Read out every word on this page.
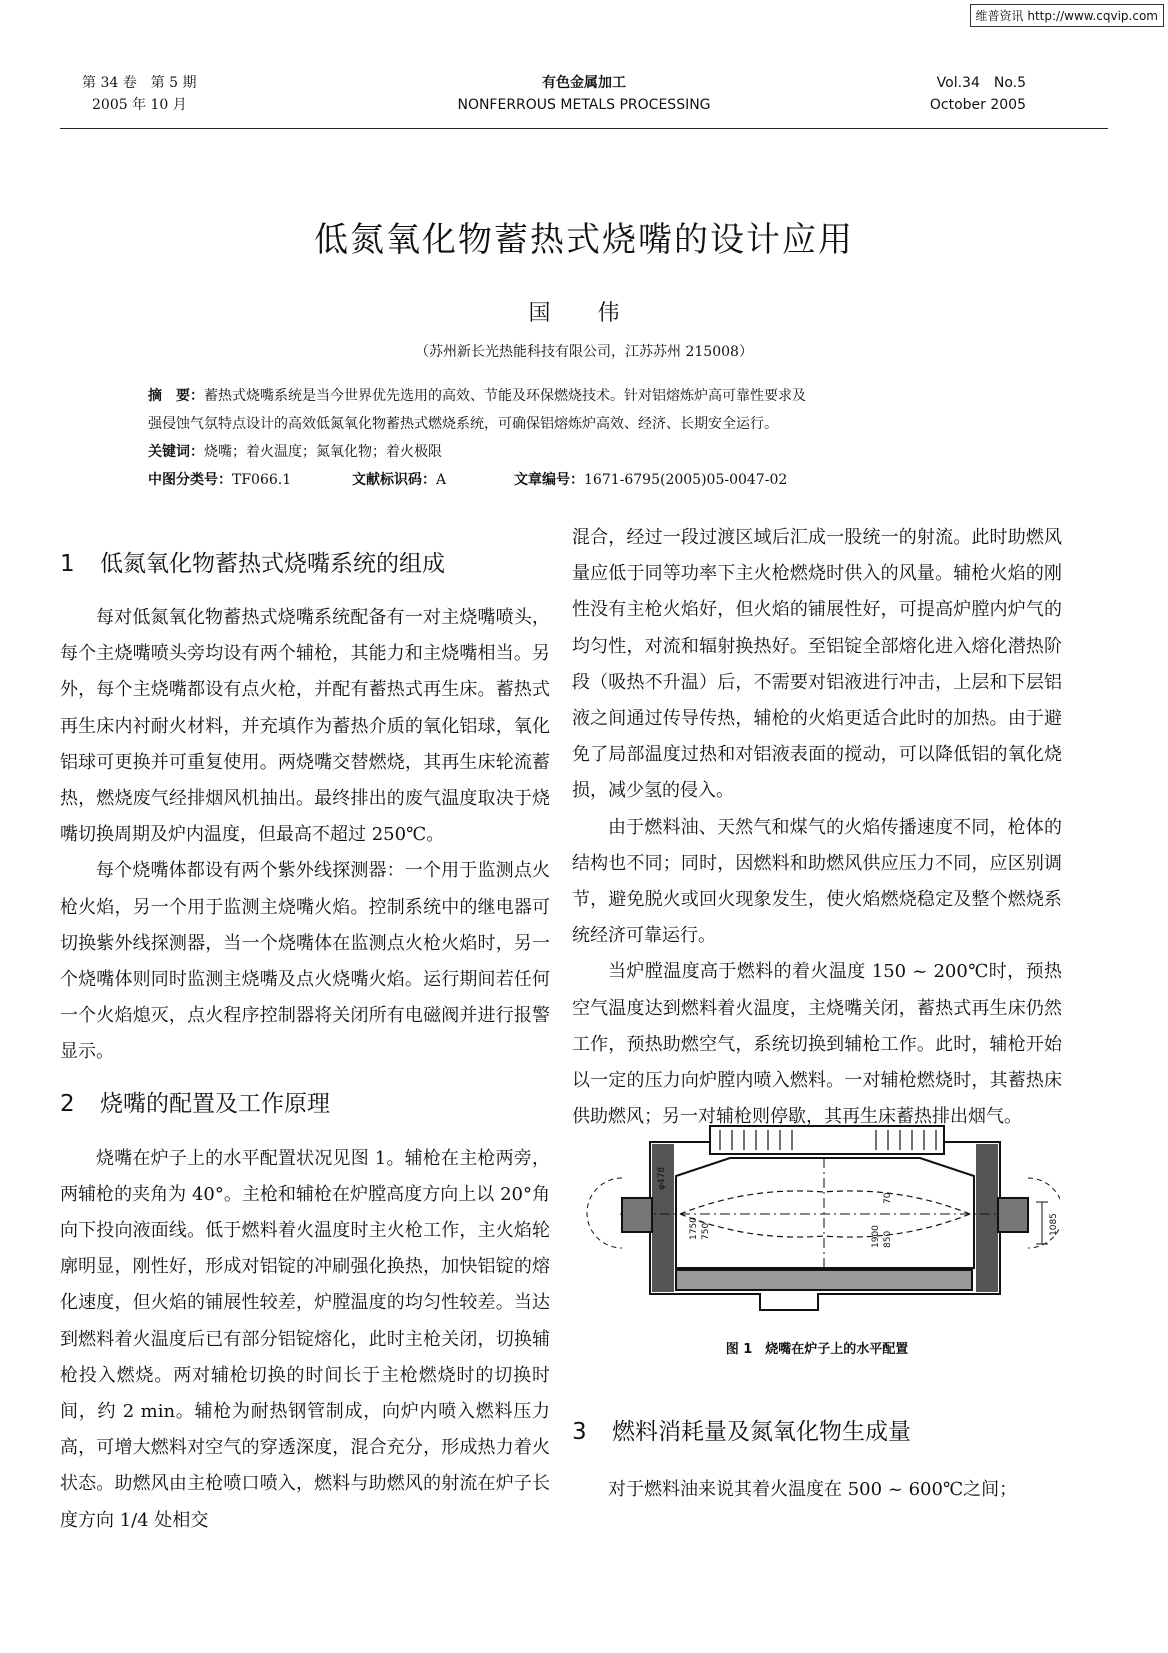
维普资讯 http://www.cqvip.com
第 34 卷　第 5 期
2005 年 10 月
有色金属加工
NONFERROUS METALS PROCESSING
Vol.34　No.5
October 2005
低氮氧化物蓄热式烧嘴的设计应用
国 伟
（苏州新长光热能科技有限公司，江苏苏州 215008）
摘　要：蓄热式烧嘴系统是当今世界优先选用的高效、节能及环保燃烧技术。针对铝熔炼炉高可靠性要求及
强侵蚀气氛特点设计的高效低氮氧化物蓄热式燃烧系统，可确保铝熔炼炉高效、经济、长期安全运行。
关键词：烧嘴；着火温度；氮氧化物；着火极限
中图分类号：TF066.1	文献标识码：A	文章编号：1671-6795(2005)05-0047-02
1 低氮氧化物蓄热式烧嘴系统的组成

每对低氮氧化物蓄热式烧嘴系统配备有一对主烧嘴喷头，每个主烧嘴喷头旁均设有两个辅枪，其能力和主烧嘴相当。另外，每个主烧嘴都设有点火枪，并配有蓄热式再生床。蓄热式再生床内衬耐火材料，并充填作为蓄热介质的氧化铝球，氧化铝球可更换并可重复使用。两烧嘴交替燃烧，其再生床轮流蓄热，燃烧废气经排烟风机抽出。最终排出的废气温度取决于烧嘴切换周期及炉内温度，但最高不超过 250℃。

每个烧嘴体都设有两个紫外线探测器：一个用于监测点火枪火焰，另一个用于监测主烧嘴火焰。控制系统中的继电器可切换紫外线探测器，当一个烧嘴体在监测点火枪火焰时，另一个烧嘴体则同时监测主烧嘴及点火烧嘴火焰。运行期间若任何一个火焰熄灭，点火程序控制器将关闭所有电磁阀并进行报警显示。

2 烧嘴的配置及工作原理

烧嘴在炉子上的水平配置状况见图 1。辅枪在主枪两旁，两辅枪的夹角为 40°。主枪和辅枪在炉膛高度方向上以 20°角向下投向液面线。低于燃料着火温度时主火枪工作，主火焰轮廓明显，刚性好，形成对铝锭的冲刷强化换热，加快铝锭的熔化速度，但火焰的铺展性较差，炉膛温度的均匀性较差。当达到燃料着火温度后已有部分铝锭熔化，此时主枪关闭，切换辅枪投入燃烧。两对辅枪切换的时间长于主枪燃烧时的切换时间，约 2 min。辅枪为耐热钢管制成，向炉内喷入燃料压力高，可增大燃料对空气的穿透深度，混合充分，形成热力着火状态。助燃风由主枪喷口喷入，燃料与助燃风的射流在炉子长度方向 1/4 处相交

混合，经过一段过渡区域后汇成一股统一的射流。此时助燃风量应低于同等功率下主火枪燃烧时供入的风量。辅枪火焰的刚性没有主枪火焰好，但火焰的铺展性好，可提高炉膛内炉气的均匀性，对流和辐射换热好。至铝锭全部熔化进入熔化潜热阶段（吸热不升温）后，不需要对铝液进行冲击，上层和下层铝液之间通过传导传热，辅枪的火焰更适合此时的加热。由于避免了局部温度过热和对铝液表面的搅动，可以降低铝的氧化烧损，减少氢的侵入。

由于燃料油、天然气和煤气的火焰传播速度不同，枪体的结构也不同；同时，因燃料和助燃风供应压力不同，应区别调节，避免脱火或回火现象发生，使火焰燃烧稳定及整个燃烧系统经济可靠运行。

当炉膛温度高于燃料的着火温度 150 ~ 200℃时，预热空气温度达到燃料着火温度，主烧嘴关闭，蓄热式再生床仍然工作，预热助燃空气，系统切换到辅枪工作。此时，辅枪开始以一定的压力向炉膛内喷入燃料。一对辅枪燃烧时，其蓄热床供助燃风；另一对辅枪则停歇，其再生床蓄热排出烟气。

φ478
1750	1900 850
70
750	1085
图 1　烧嘴在炉子上的水平配置
3 燃料消耗量及氮氧化物生成量

对于燃料油来说其着火温度在 500 ~ 600℃之间；
